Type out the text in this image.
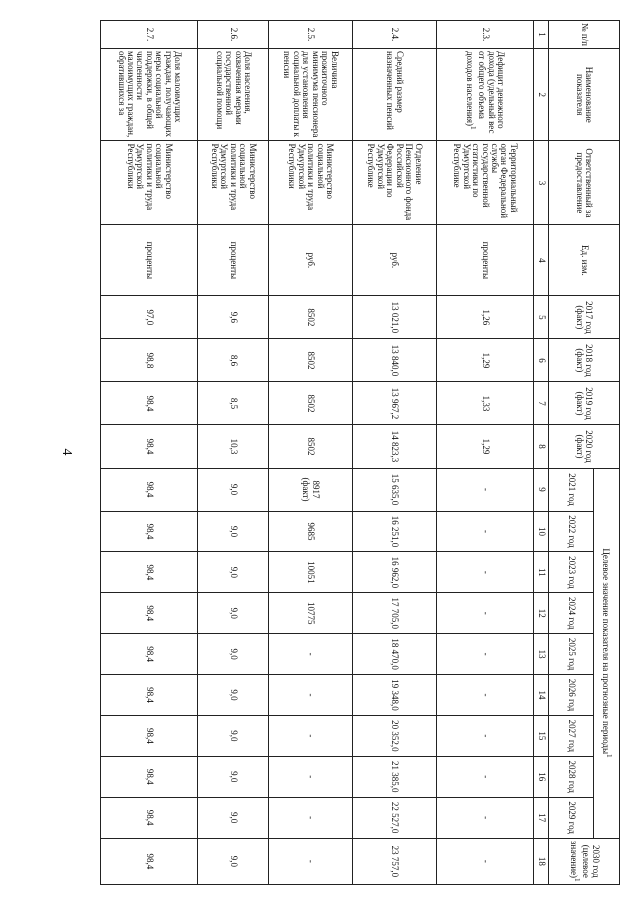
4
№ п/п	Наименование показателя	Ответственный за предоставление	Ед. изм.	2017 год (факт)	2018 год (факт)	2019 год (факт)	2020 год (факт)	Целевое значение показателя на прогнозные периоды$^1$									2030 год (целевое значение)$^1$
								2021 год	2022 год	2023 год	2024 год	2025 год	2026 год	2027 год	2028 год	2029 год	
1	2	3	4	5	6	7	8	9	10	11	12	13	14	15	16	17	18
2.3.	Дефицит денежного дохода (удельный вес от общего объема доходов населения)$^1$	Территориальный орган Федеральной службы государственной статистики по Удмуртской Республике	проценты	1,26	1,29	1,33	1,29	-	-	-	-	-	-	-	-	-	-
2.4.	Средний размер назначенных пенсий	Отделение Пенсионного фонда Российской Федерации по Удмуртской Республике	руб.	13 021,0	13 840,0	13 967,2	14 823,3	15 635,0	16 251,0	16 962,0	17 705,0	18 470,0	19 348,0	20 352,0	21 385,0	22 527,0	23 757,0
2.5.	Величина прожиточного минимума пенсионера для установления социальной доплаты к пенсии	Министерство социальной политики и труда Удмуртской Республики	руб.	8502	8502	8502	8502	8917 (факт)	9685	10051	10775	-	-	-	-	-	-
2.6.	Доля населения, охваченная мерами государственной социальной помощи	Министерство социальной политики и труда Удмуртской Республики	проценты	9,6	8,6	8,5	10,3	9,0	9,0	9,0	9,0	9,0	9,0	9,0	9,0	9,0	9,0
2.7.	Доля малоимущих граждан, получающих меры социальной поддержки, в общей численности малоимущих граждан, обратившихся за	Министерство социальной политики и труда Удмуртской Республики	проценты	97,0	98,8	98,4	98,4	98,4	98,4	98,4	98,4	98,4	98,4	98,4	98,4	98,4	98,4
